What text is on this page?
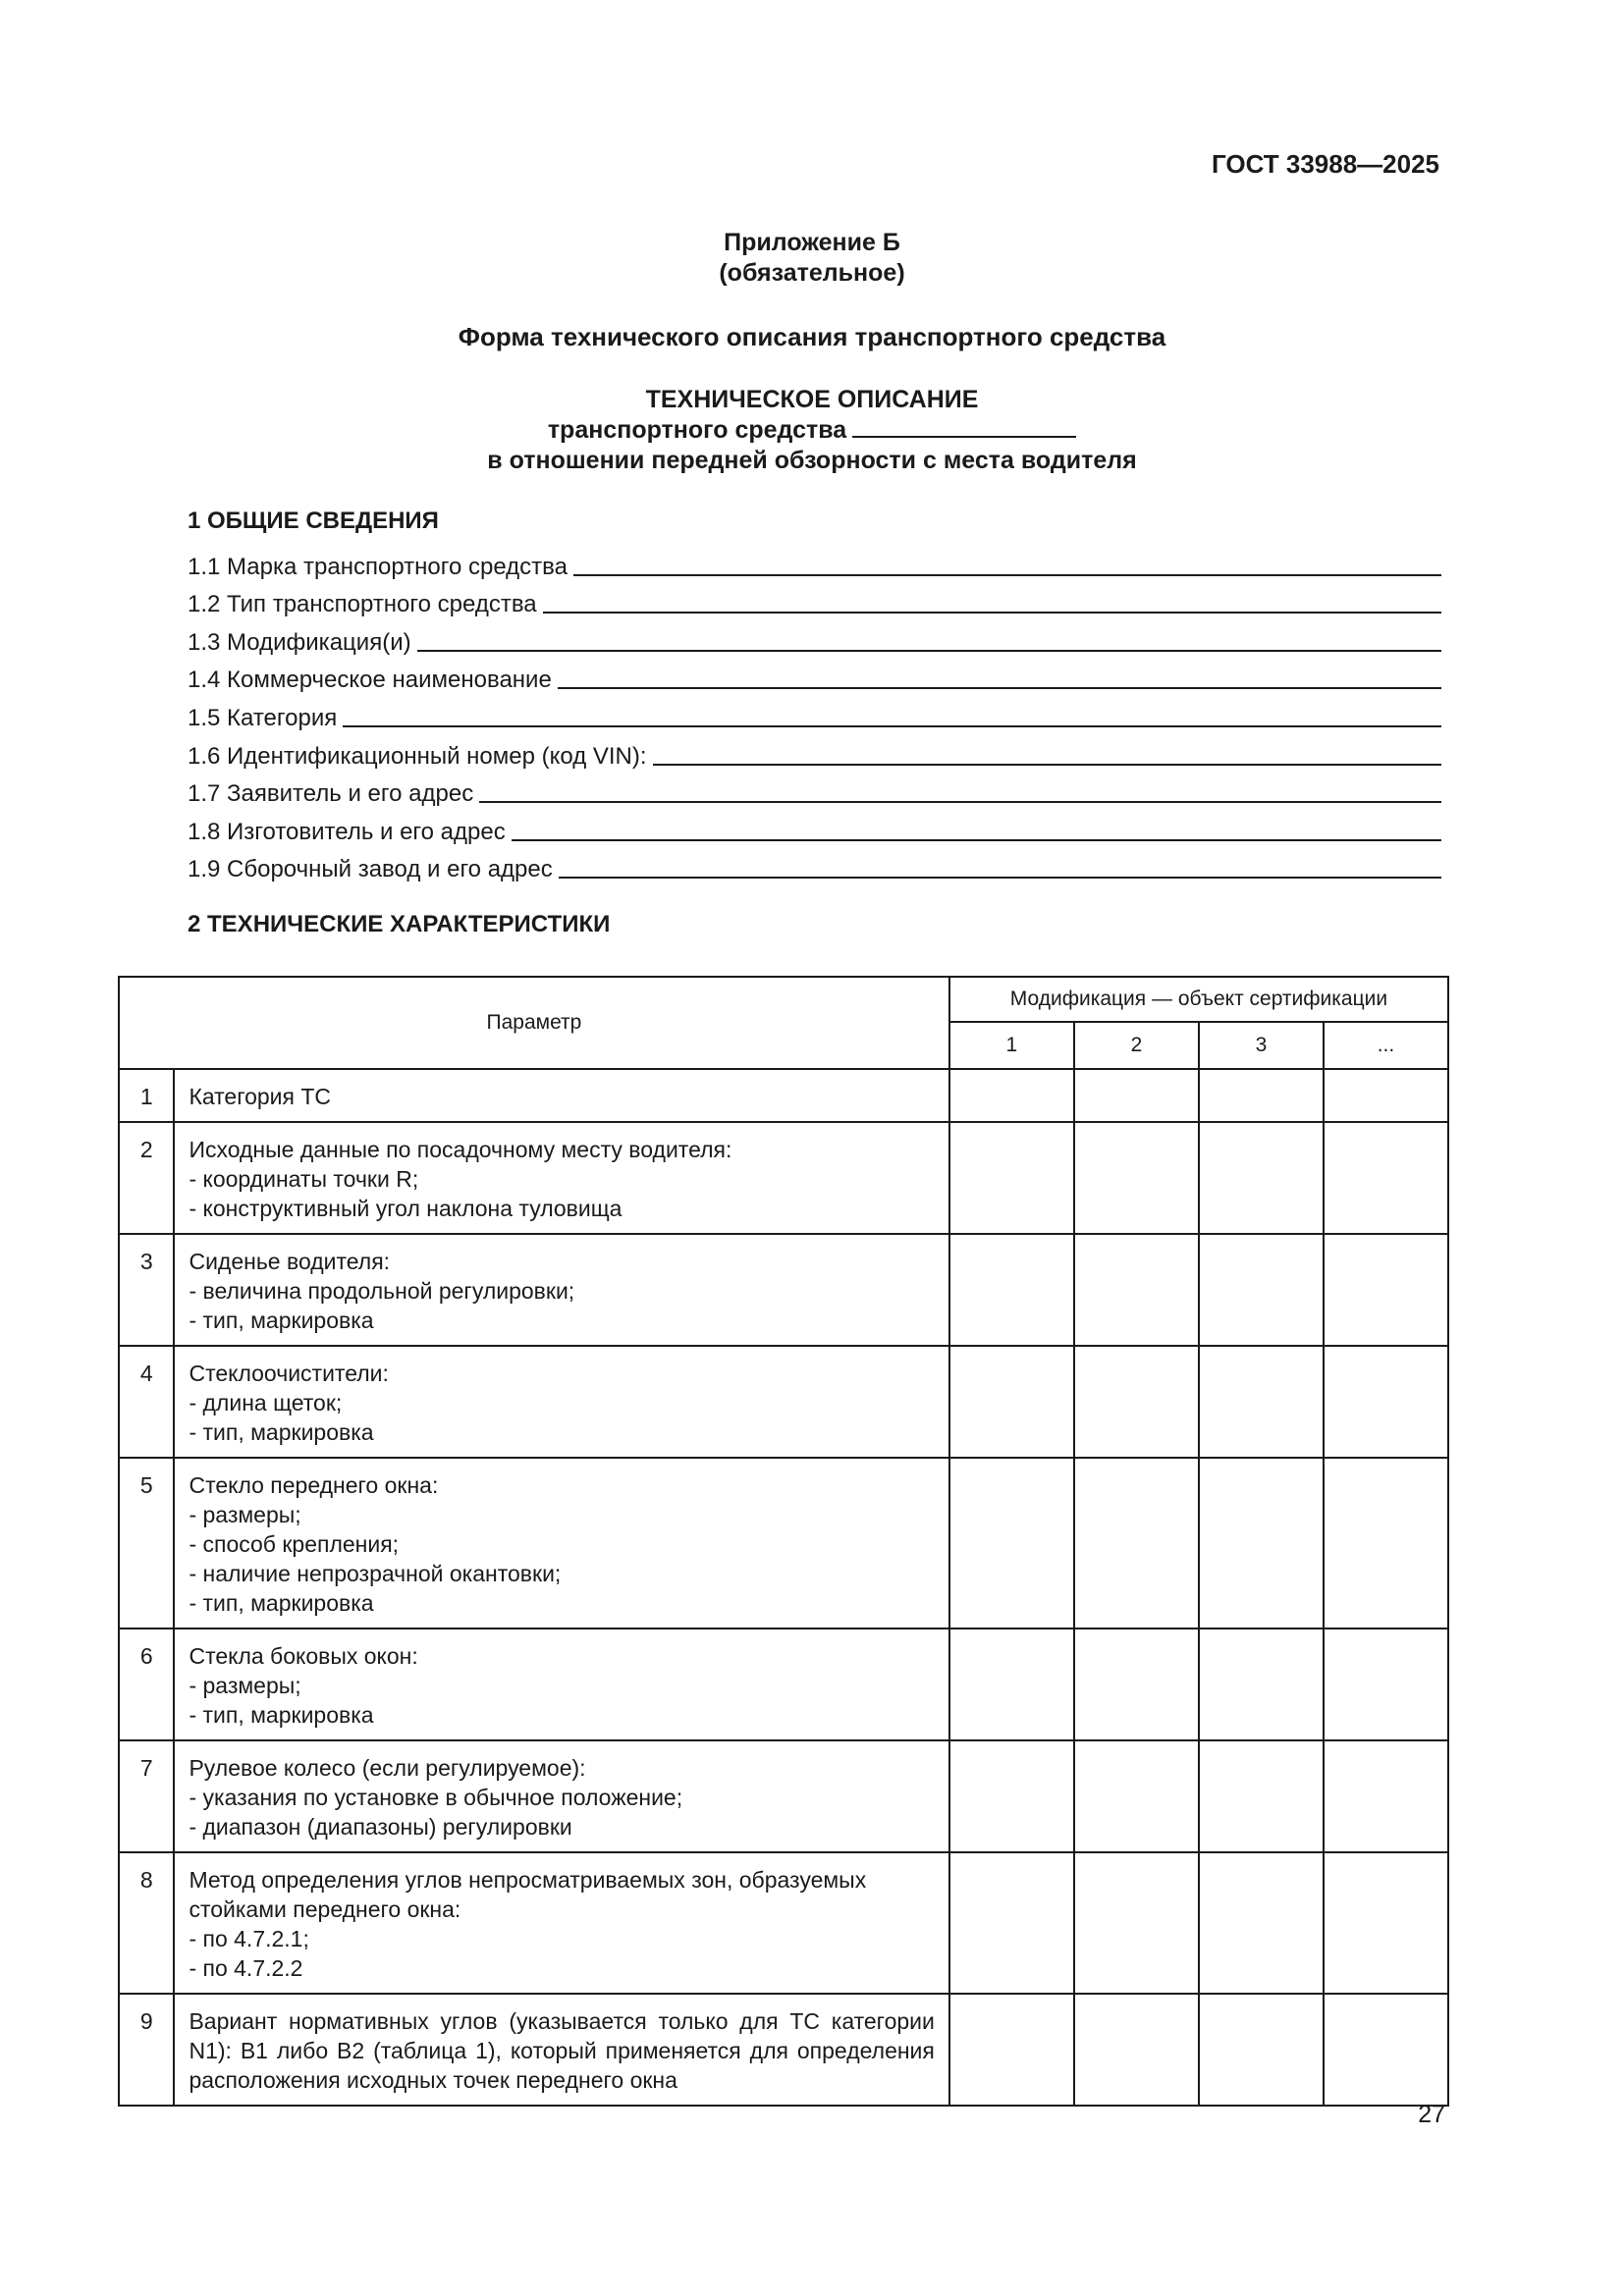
ГОСТ 33988—2025
Приложение Б
(обязательное)
Форма технического описания транспортного средства
ТЕХНИЧЕСКОЕ ОПИСАНИЕ
транспортного средства
в отношении передней обзорности с места водителя
1 ОБЩИЕ СВЕДЕНИЯ
1.1 Марка транспортного средства
1.2 Тип транспортного средства
1.3 Модификация(и)
1.4 Коммерческое наименование
1.5 Категория
1.6 Идентификационный номер (код VIN):
1.7 Заявитель и его адрес
1.8 Изготовитель и его адрес
1.9 Сборочный завод и его адрес
2 ТЕХНИЧЕСКИЕ ХАРАКТЕРИСТИКИ
Параметр		Модификация — объект сертификации			
		1	2	3	...
1	Категория ТС				

2	Исходные данные по посадочному месту водителя:
- координаты точки R;
- конструктивный угол наклона туловища				

3	Сиденье водителя:
- величина продольной регулировки;
- тип, маркировка				

4	Стеклоочистители:
- длина щеток;
- тип, маркировка				

5	Стекло переднего окна:
- размеры;
- способ крепления;
- наличие непрозрачной окантовки;
- тип, маркировка				

6	Стекла боковых окон:
- размеры;
- тип, маркировка				

7	Рулевое колесо (если регулируемое):
- указания по установке в обычное положение;
- диапазон (диапазоны) регулировки				

8	Метод определения углов непросматриваемых зон, образуемых стойками переднего окна:
- по 4.7.2.1;
- по 4.7.2.2				

9	Вариант нормативных углов (указывается только для ТС категории N1): В1 либо В2 (таблица 1), который применяется для определения расположения исходных точек переднего окна				

27
